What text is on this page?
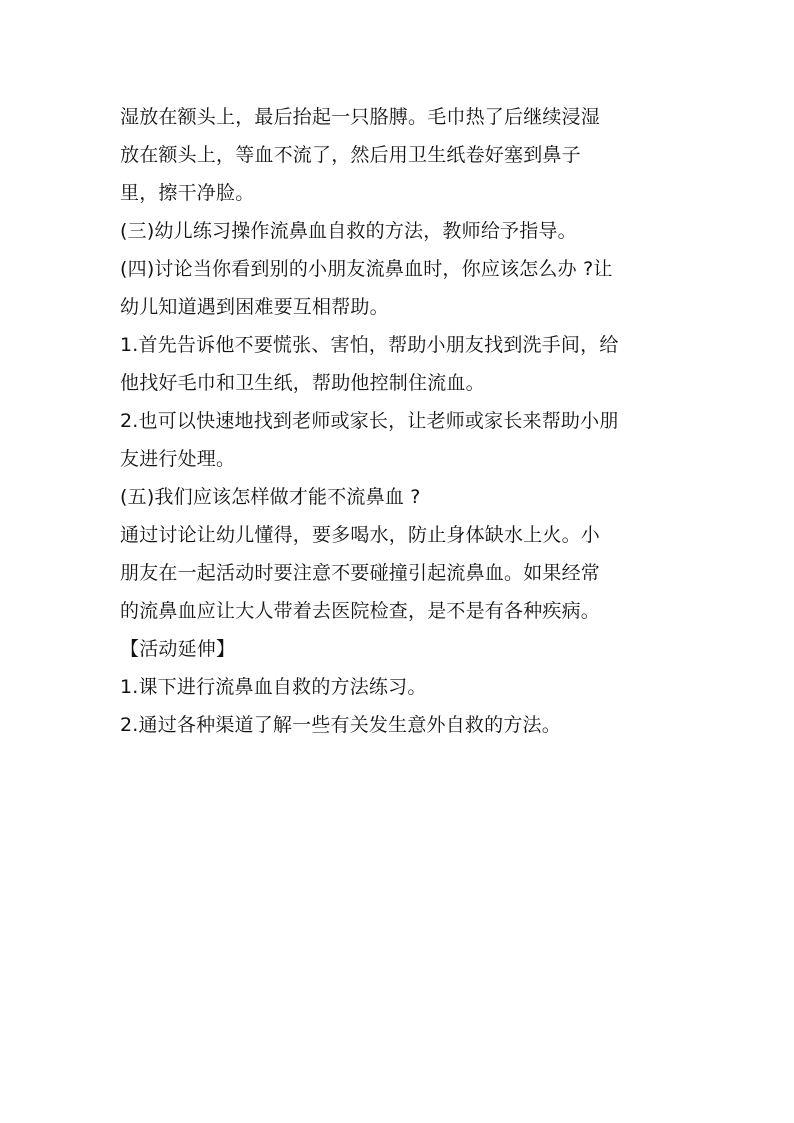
湿放在额头上，最后抬起一只胳膊。毛巾热了后继续浸湿
放在额头上，等血不流了，然后用卫生纸卷好塞到鼻子
里，擦干净脸。
(三)幼儿练习操作流鼻血自救的方法，教师给予指导。
(四)讨论当你看到别的小朋友流鼻血时，你应该怎么办 ?让
幼儿知道遇到困难要互相帮助。
1.首先告诉他不要慌张、害怕，帮助小朋友找到洗手间，给
他找好毛巾和卫生纸，帮助他控制住流血。
2.也可以快速地找到老师或家长，让老师或家长来帮助小朋
友进行处理。
(五)我们应该怎样做才能不流鼻血 ?
通过讨论让幼儿懂得，要多喝水，防止身体缺水上火。小
朋友在一起活动时要注意不要碰撞引起流鼻血。如果经常
的流鼻血应让大人带着去医院检查，是不是有各种疾病。
【活动延伸】
1.课下进行流鼻血自救的方法练习。
2.通过各种渠道了解一些有关发生意外自救的方法。
